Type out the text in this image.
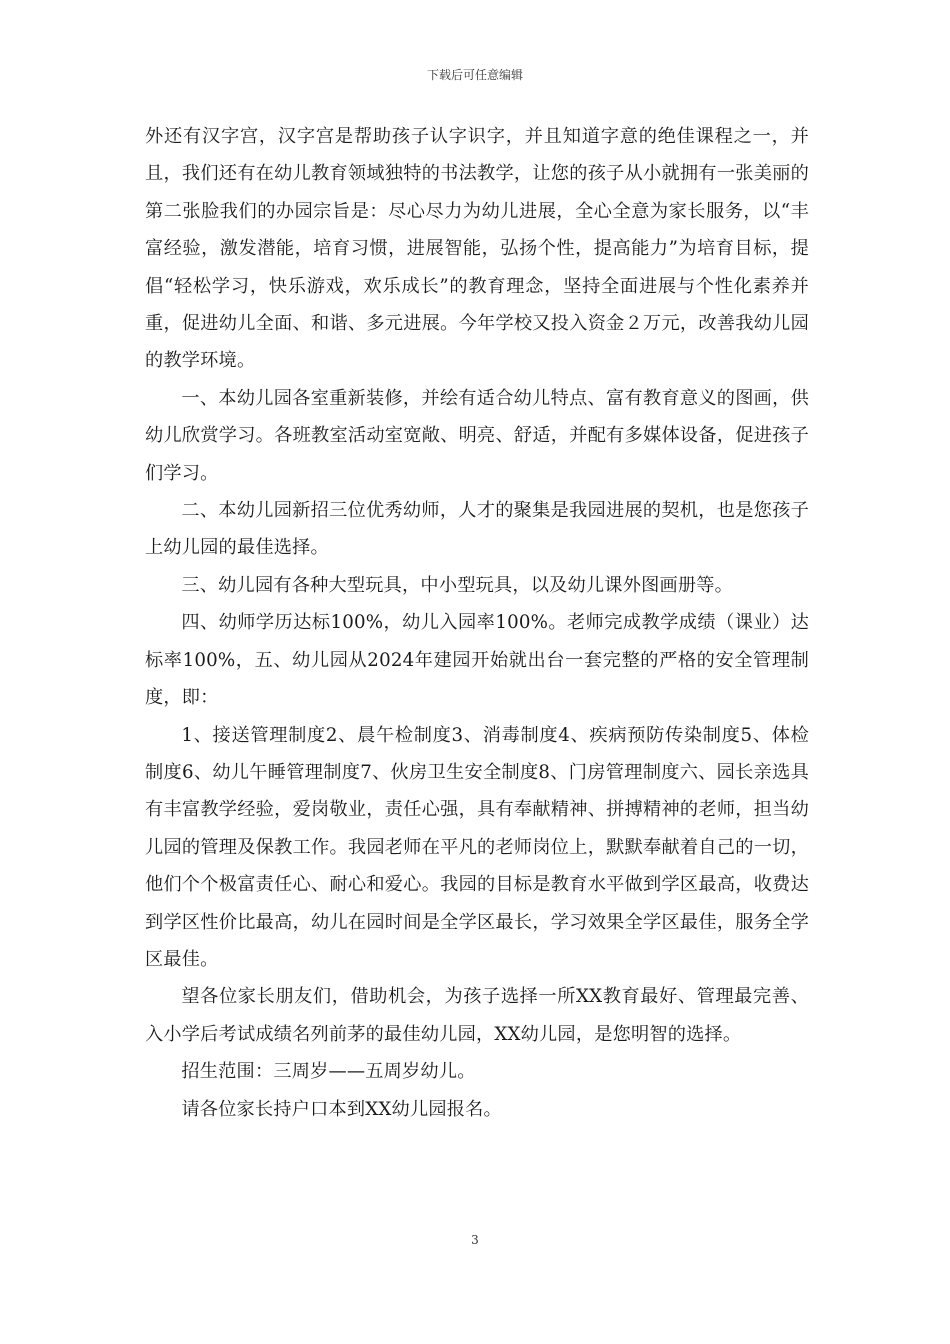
下载后可任意编辑

外还有汉字宫，汉字宫是帮助孩子认字识字，并且知道字意的绝佳课程之一，并且，我们还有在幼儿教育领域独特的书法教学，让您的孩子从小就拥有一张美丽的第二张脸我们的办园宗旨是：尽心尽力为幼儿进展，全心全意为家长服务，以“丰富经验，激发潜能，培育习惯，进展智能，弘扬个性，提高能力”为培育目标，提倡“轻松学习，快乐游戏，欢乐成长”的教育理念，坚持全面进展与个性化素养并重，促进幼儿全面、和谐、多元进展。今年学校又投入资金２万元，改善我幼儿园的教学环境。

一、本幼儿园各室重新装修，并绘有适合幼儿特点、富有教育意义的图画，供幼儿欣赏学习。各班教室活动室宽敞、明亮、舒适，并配有多媒体设备，促进孩子们学习。

二、本幼儿园新招三位优秀幼师，人才的聚集是我园进展的契机，也是您孩子上幼儿园的最佳选择。

三、幼儿园有各种大型玩具，中小型玩具，以及幼儿课外图画册等。

四、幼师学历达标100%，幼儿入园率100%。老师完成教学成绩（课业）达标率100%，五、幼儿园从2024年建园开始就出台一套完整的严格的安全管理制度，即：

1、接送管理制度2、晨午检制度3、消毒制度4、疾病预防传染制度5、体检制度6、幼儿午睡管理制度7、伙房卫生安全制度8、门房管理制度六、园长亲选具有丰富教学经验，爱岗敬业，责任心强，具有奉献精神、拼搏精神的老师，担当幼儿园的管理及保教工作。我园老师在平凡的老师岗位上，默默奉献着自己的一切，他们个个极富责任心、耐心和爱心。我园的目标是教育水平做到学区最高，收费达到学区性价比最高，幼儿在园时间是全学区最长，学习效果全学区最佳，服务全学区最佳。

望各位家长朋友们，借助机会，为孩子选择一所XX教育最好、管理最完善、入小学后考试成绩名列前茅的最佳幼儿园，XX幼儿园，是您明智的选择。

招生范围：三周岁——五周岁幼儿。

请各位家长持户口本到XX幼儿园报名。

3
